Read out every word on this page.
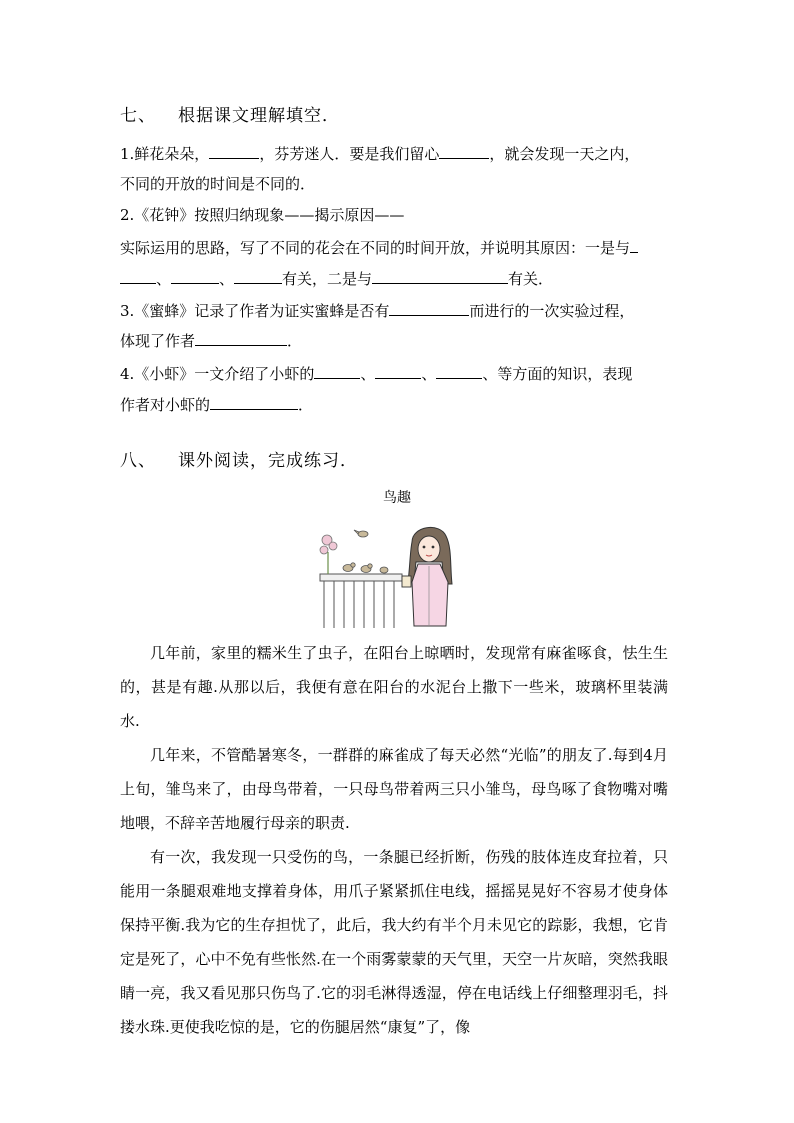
七、 根据课文理解填空．
1.鲜花朵朵，	，芬芳迷人．要是我们留心	，就会发现一天之内，
不同的开放的时间是不同的．
2.《花钟》按照归纳现象——揭示原因——
实际运用的思路，写了不同的花会在不同的时间开放，并说明其原因：一是与
、	、	有关，二是与	有关．
3.《蜜蜂》记录了作者为证实蜜蜂是否有	而进行的一次实验过程，
体现了作者	．
4.《小虾》一文介绍了小虾的	、	、	、等方面的知识，表现
作者对小虾的	．
八、 课外阅读，完成练习．
鸟趣

几年前，家里的糯米生了虫子，在阳台上晾晒时，发现常有麻雀啄食，怯生生的，甚是有趣.从那以后，我便有意在阳台的水泥台上撒下一些米，玻璃杯里装满水.

几年来，不管酷暑寒冬，一群群的麻雀成了每天必然“光临”的朋友了.每到4月上旬，雏鸟来了，由母鸟带着，一只母鸟带着两三只小雏鸟，母鸟啄了食物嘴对嘴地喂，不辞辛苦地履行母亲的职责.

有一次，我发现一只受伤的鸟，一条腿已经折断，伤残的肢体连皮耷拉着，只能用一条腿艰难地支撑着身体，用爪子紧紧抓住电线，摇摇晃晃好不容易才使身体保持平衡.我为它的生存担忧了，此后，我大约有半个月未见它的踪影，我想，它肯定是死了，心中不免有些怅然.在一个雨雾蒙蒙的天气里，天空一片灰暗，突然我眼睛一亮，我又看见那只伤鸟了.它的羽毛淋得透湿，停在电话线上仔细整理羽毛，抖搂水珠.更使我吃惊的是，它的伤腿居然“康复”了，像
